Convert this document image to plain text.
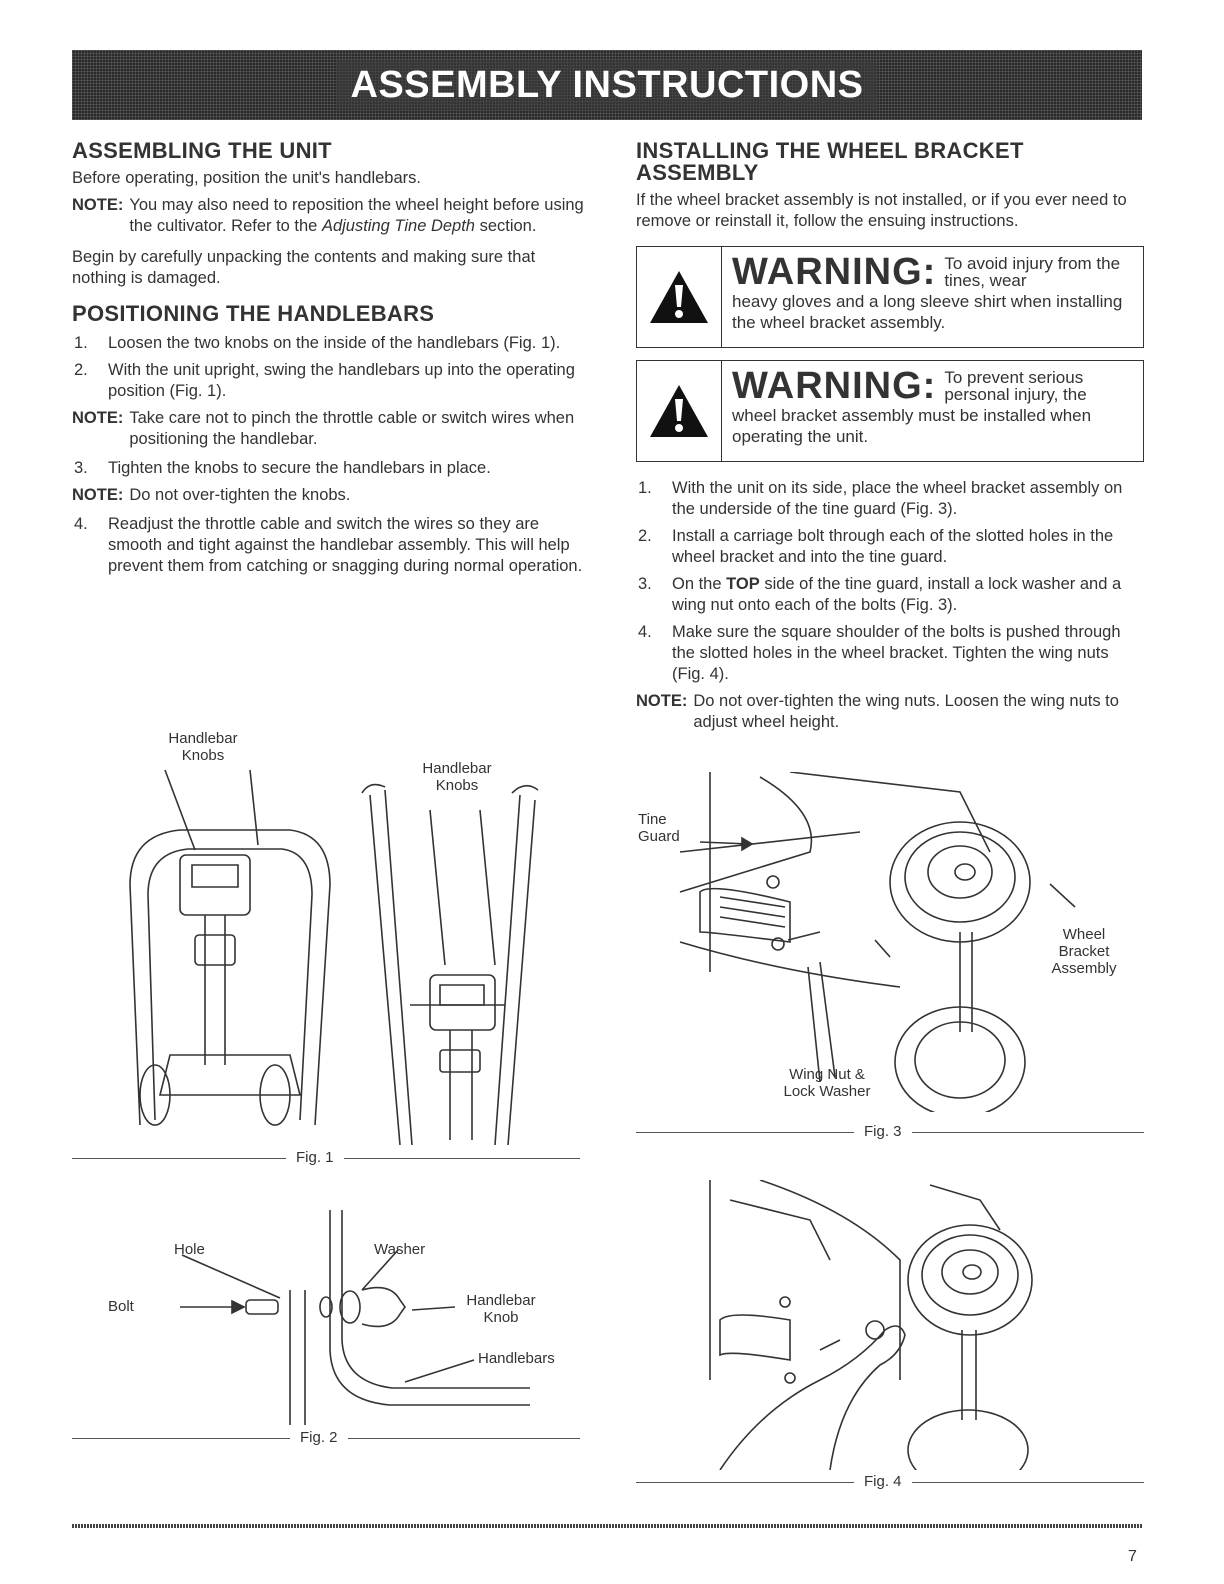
ASSEMBLY INSTRUCTIONS
ASSEMBLING THE UNIT

Before operating, position the unit's handlebars.

NOTE: You may also need to reposition the wheel height before using the cultivator. Refer to the Adjusting Tine Depth section.

Begin by carefully unpacking the contents and making sure that nothing is damaged.

POSITIONING THE HANDLEBARS
1.	Loosen the two knobs on the inside of the handlebars (Fig. 1).
2.	With the unit upright, swing the handlebars up into the operating position (Fig. 1).
NOTE: Take care not to pinch the throttle cable or switch wires when positioning the handlebar.
3.	Tighten the knobs to secure the handlebars in place.
NOTE: Do not over-tighten the knobs.
4.	Readjust the throttle cable and switch the wires so they are smooth and tight against the handlebar assembly. This will help prevent them from catching or snagging during normal operation.
Handlebar
Knobs
Handlebar
Knobs
Fig. 1
Hole	Washer
Bolt	Handlebar
Knob
Handlebars
Fig. 2
INSTALLING THE WHEEL BRACKET
ASSEMBLY

If the wheel bracket assembly is not installed, or if you ever need to remove or reinstall it, follow the ensuing instructions.

WARNING: To avoid injury from the tines, wear
heavy gloves and a long sleeve shirt when installing the wheel bracket assembly.
WARNING: To prevent serious personal injury, the
wheel bracket assembly must be installed when operating the unit.
1.	With the unit on its side, place the wheel bracket assembly on the underside of the tine guard (Fig. 3).
2.	Install a carriage bolt through each of the slotted holes in the wheel bracket and into the tine guard.
3.	On the TOP side of the tine guard, install a lock washer and a wing nut onto each of the bolts (Fig. 3).
4.	Make sure the square shoulder of the bolts is pushed through the slotted holes in the wheel bracket. Tighten the wing nuts (Fig. 4).
NOTE: Do not over-tighten the wing nuts. Loosen the wing nuts to adjust wheel height.
Tine
Guard
Wheel
Bracket
Assembly
Wing Nut &
Lock Washer
Fig. 3
Fig. 4
7
